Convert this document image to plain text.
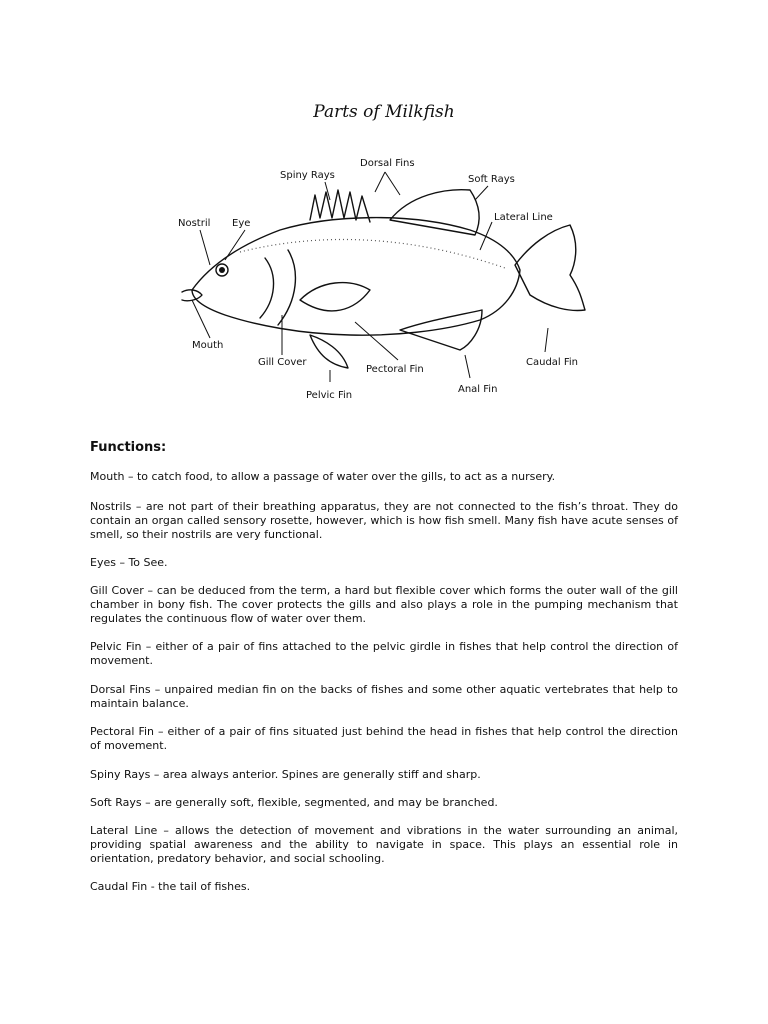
Parts of Milkfish
Dorsal Fins
Spiny Rays	Soft Rays
Nostril Eye
Lateral Line
Mouth
Gill Cover
Pectoral Fin
Caudal Fin
Pelvic Fin
Anal Fin
Functions:

Mouth – to catch food, to allow a passage of water over the gills, to act as a nursery.

Nostrils – are not part of their breathing apparatus, they are not connected to the fish’s throat. They do contain an organ called sensory rosette, however, which is how fish smell. Many fish have acute senses of smell, so their nostrils are very functional.

Eyes – To See.

Gill Cover – can be deduced from the term, a hard but flexible cover which forms the outer wall of the gill chamber in bony fish. The cover protects the gills and also plays a role in the pumping mechanism that regulates the continuous flow of water over them.

Pelvic Fin – either of a pair of fins attached to the pelvic girdle in fishes that help control the direction of movement.

Dorsal Fins – unpaired median fin on the backs of fishes and some other aquatic vertebrates that help to maintain balance.

Pectoral Fin – either of a pair of fins situated just behind the head in fishes that help control the direction of movement.

Spiny Rays – area always anterior. Spines are generally stiff and sharp.

Soft Rays – are generally soft, flexible, segmented, and may be branched.

Lateral Line – allows the detection of movement and vibrations in the water surrounding an animal, providing spatial awareness and the ability to navigate in space. This plays an essential role in orientation, predatory behavior, and social schooling.

Caudal Fin - the tail of fishes.
